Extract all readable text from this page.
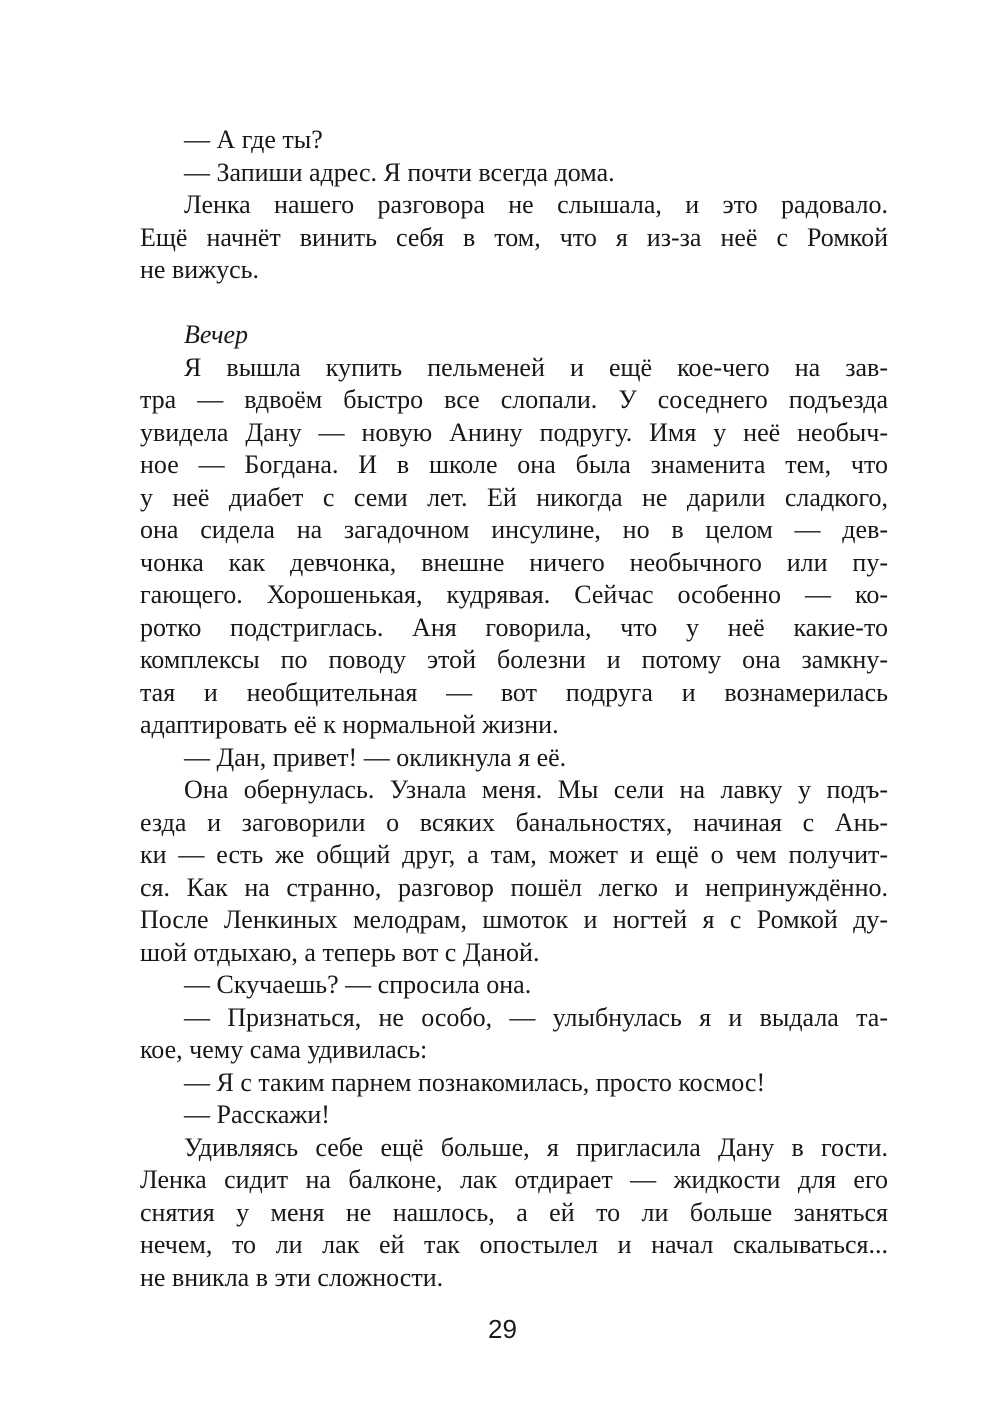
— А где ты?

— Запиши адрес. Я почти всегда дома.

Ленка нашего разговора не слышала, и это радовало.
Ещё начнёт винить себя в том, что я из-за неё с Ромкой
не вижусь.

Вечер

Я вышла купить пельменей и ещё кое-чего на зав-
тра — вдвоём быстро все слопали. У соседнего подъезда
увидела Дану — новую Анину подругу. Имя у неё необыч-
ное — Богдана. И в школе она была знаменита тем, что
у неё диабет с семи лет. Ей никогда не дарили сладкого,
она сидела на загадочном инсулине, но в целом — дев-
чонка как девчонка, внешне ничего необычного или пу-
гающего. Хорошенькая, кудрявая. Сейчас особенно — ко-
ротко подстриглась. Аня говорила, что у неё какие-то
комплексы по поводу этой болезни и потому она замкну-
тая и необщительная — вот подруга и вознамерилась
адаптировать её к нормальной жизни.

— Дан, привет! — окликнула я её.

Она обернулась. Узнала меня. Мы сели на лавку у подъ-
езда и заговорили о всяких банальностях, начиная с Ань-
ки — есть же общий друг, а там, может и ещё о чем получит-
ся. Как на странно, разговор пошёл легко и непринуждённо.
После Ленкиных мелодрам, шмоток и ногтей я с Ромкой ду-
шой отдыхаю, а теперь вот с Даной.

— Скучаешь? — спросила она.

— Признаться, не особо, — улыбнулась я и выдала та-
кое, чему сама удивилась:

— Я с таким парнем познакомилась, просто космос!

— Расскажи!

Удивляясь себе ещё больше, я пригласила Дану в гости.
Ленка сидит на балконе, лак отдирает — жидкости для его
снятия у меня не нашлось, а ей то ли больше заняться
нечем, то ли лак ей так опостылел и начал скалываться...
не вникла в эти сложности.

29
